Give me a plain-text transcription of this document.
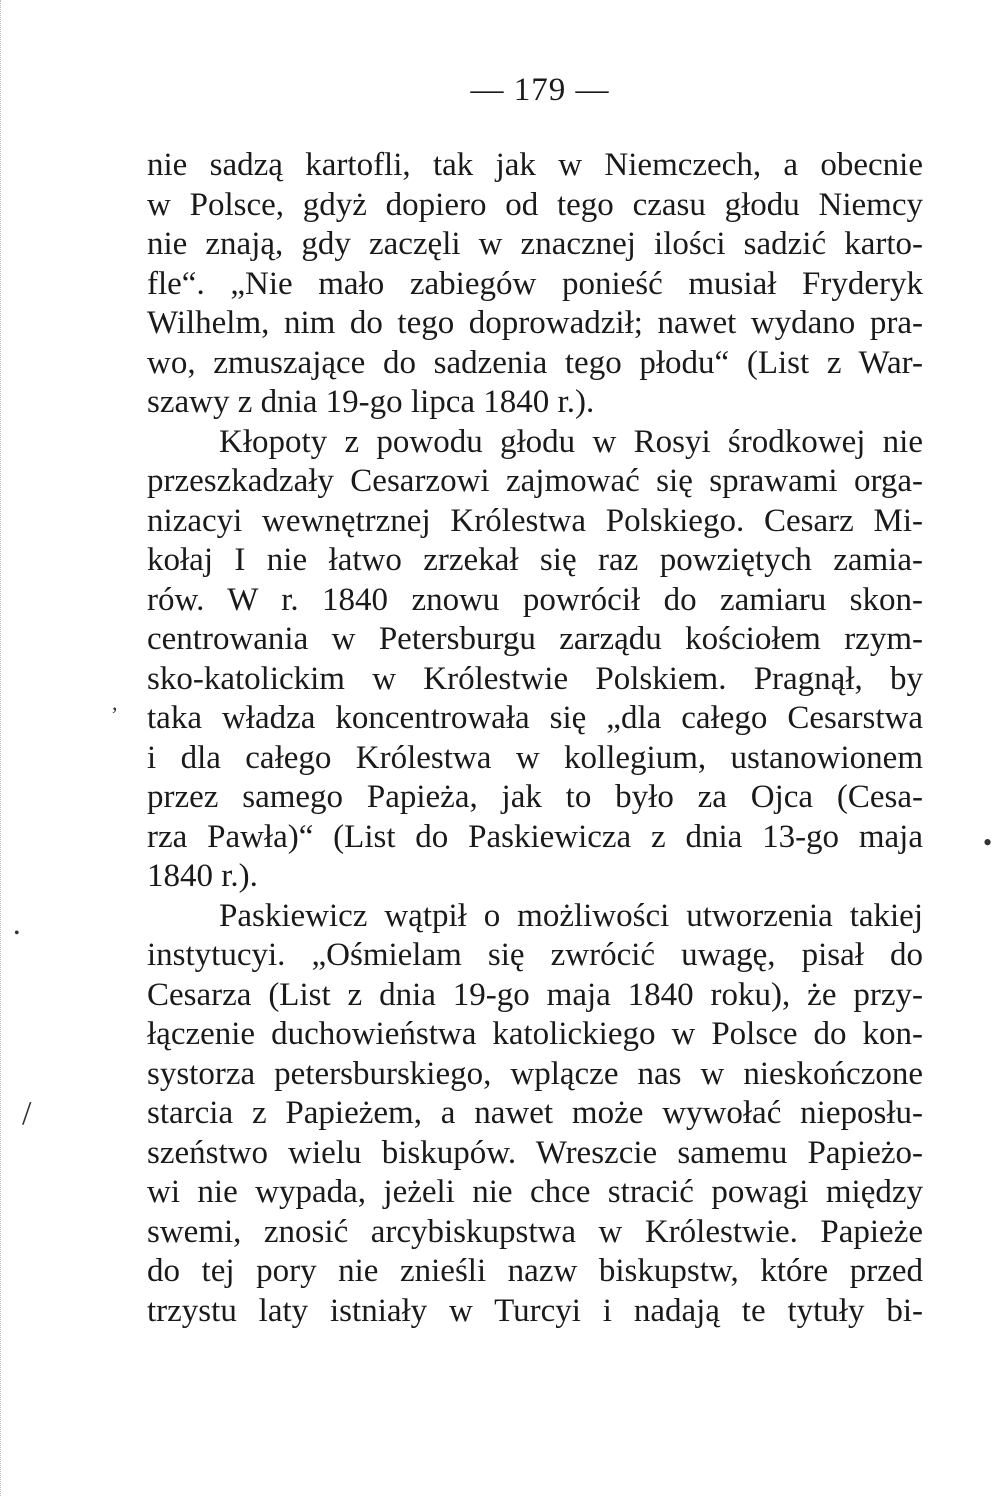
— 179 —
nie sadzą kartofli, tak jak w Niemczech, a obecnie
w Polsce, gdyż dopiero od tego czasu głodu Niemcy
nie znają, gdy zaczęli w znacznej ilości sadzić karto-
fle“. „Nie mało zabiegów ponieść musiał Fryderyk
Wilhelm, nim do tego doprowadził; nawet wydano pra-
wo, zmuszające do sadzenia tego płodu“ (List z War-
szawy z dnia 19-go lipca 1840 r.).
Kłopoty z powodu głodu w Rosyi środkowej nie
przeszkadzały Cesarzowi zajmować się sprawami orga-
nizacyi wewnętrznej Królestwa Polskiego. Cesarz Mi-
kołaj I nie łatwo zrzekał się raz powziętych zamia-
rów. W r. 1840 znowu powrócił do zamiaru skon-
centrowania w Petersburgu zarządu kościołem rzym-
sko-katolickim w Królestwie Polskiem. Pragnął, by
taka władza koncentrowała się „dla całego Cesarstwa
i dla całego Królestwa w kollegium, ustanowionem
przez samego Papieża, jak to było za Ojca (Cesa-
rza Pawła)“ (List do Paskiewicza z dnia 13-go maja
1840 r.).
Paskiewicz wątpił o możliwości utworzenia takiej
instytucyi. „Ośmielam się zwrócić uwagę, pisał do
Cesarza (List z dnia 19-go maja 1840 roku), że przy-
łączenie duchowieństwa katolickiego w Polsce do kon-
systorza petersburskiego, wplącze nas w nieskończone
starcia z Papieżem, a nawet może wywołać nieposłu-
szeństwo wielu biskupów. Wreszcie samemu Papieżo-
wi nie wypada, jeżeli nie chce stracić powagi między
swemi, znosić arcybiskupstwa w Królestwie. Papieże
do tej pory nie znieśli nazw biskupstw, które przed
trzystu laty istniały w Turcyi i nadają te tytuły bi-
,
/
•
•
